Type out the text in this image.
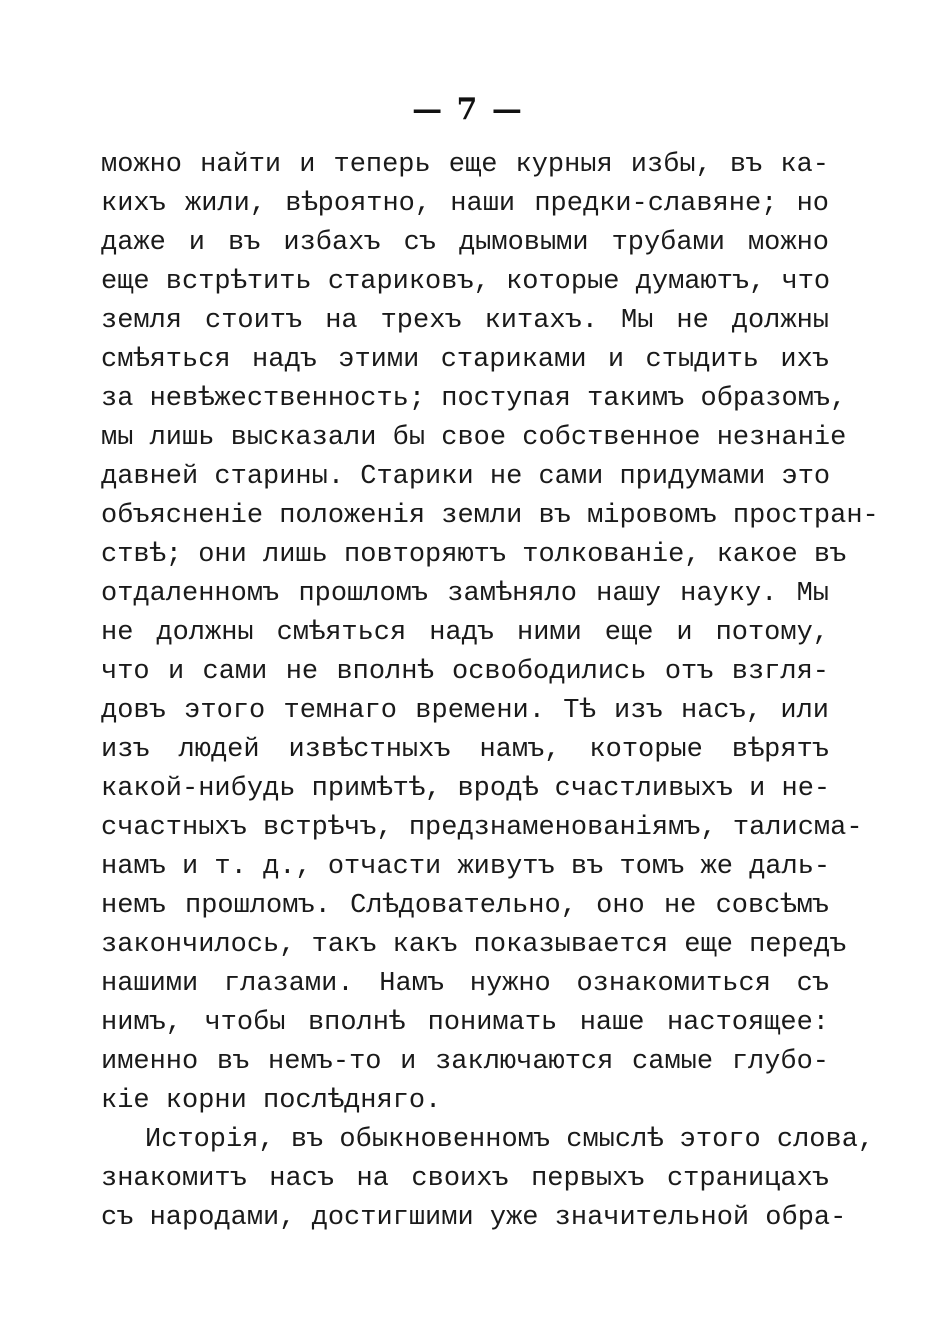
— 7 —
можно найти и теперь еще курныя избы, въ ка-
кихъ жили, вѣроятно, наши предки-славяне; но
даже и въ избахъ съ дымовыми трубами можно
еще встрѣтить стариковъ, которые думаютъ, что
земля стоитъ на трехъ китахъ. Мы не должны
смѣяться надъ этими стариками и стыдить ихъ
за невѣжественность; поступая такимъ образомъ,
мы лишь высказали бы свое собственное незнаніе
давней старины. Старики не сами придумами это
объясненіе положенія земли въ міровомъ простран-
ствѣ; они лишь повторяютъ толкованіе, какое въ
отдаленномъ прошломъ замѣняло нашу науку. Мы
не должны смѣяться надъ ними еще и потому,
что и сами не вполнѣ освободились отъ взгля-
довъ этого темнаго времени. Тѣ изъ насъ, или
изъ людей извѣстныхъ намъ, которые вѣрятъ
какой-нибудь примѣтѣ, вродѣ счастливыхъ и не-
счастныхъ встрѣчъ, предзнаменованіямъ, талисма-
намъ и т. д., отчасти живутъ въ томъ же даль-
немъ прошломъ. Слѣдовательно, оно не совсѣмъ
закончилось, такъ какъ показывается еще передъ
нашими глазами. Намъ нужно ознакомиться съ
нимъ, чтобы вполнѣ понимать наше настоящее:
именно въ немъ-то и заключаются самые глубо-
кіе корни послѣдняго.
Исторія, въ обыкновенномъ смыслѣ этого слова,
знакомитъ насъ на своихъ первыхъ страницахъ
съ народами, достигшими уже значительной обра-
